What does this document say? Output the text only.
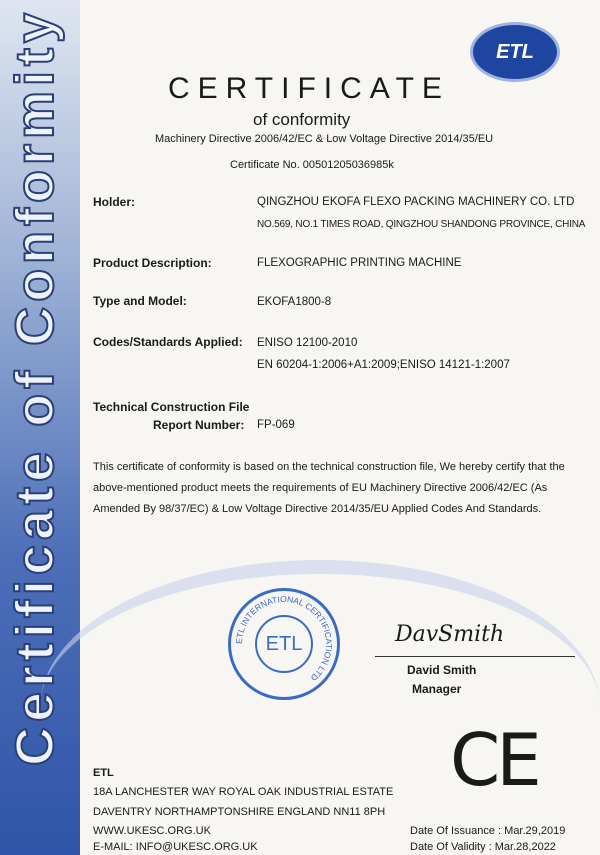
Certificate of Conformity	ETL
CERTIFICATE
of conformity
Machinery Directive 2006/42/EC & Low Voltage Directive 2014/35/EU
Certificate No. 00501205036985k
Holder:	QINGZHOU EKOFA FLEXO PACKING MACHINERY CO. LTD
NO.569, NO.1 TIMES ROAD, QINGZHOU SHANDONG PROVINCE, CHINA
Product Description:	FLEXOGRAPHIC PRINTING MACHINE
Type and Model:	EKOFA1800-8
Codes/Standards Applied: ENISO 12100-2010
EN 60204-1:2006+A1:2009;ENISO 14121-1:2007
Technical Construction File
Report Number: FP-069
This certificate of conformity is based on the technical construction file, We hereby certify that the above-mentioned product meets the requirements of EU Machinery Directive 2006/42/EC (As Amended By 98/37/EC) & Low Voltage Directive 2014/35/EU Applied Codes And Standards.
ETL INTERNATIONAL CERTIFICATION LTD
ETL	DavSmith
David Smith
Manager
CE
ETL
18A LANCHESTER WAY ROYAL OAK INDUSTRIAL ESTATE
DAVENTRY NORTHAMPTONSHIRE ENGLAND NN11 8PH
WWW.UKESC.ORG.UK
E-MAIL: INFO@UKESC.ORG.UK
Date Of Issuance : Mar.29,2019
Date Of Validity : Mar.28,2022
